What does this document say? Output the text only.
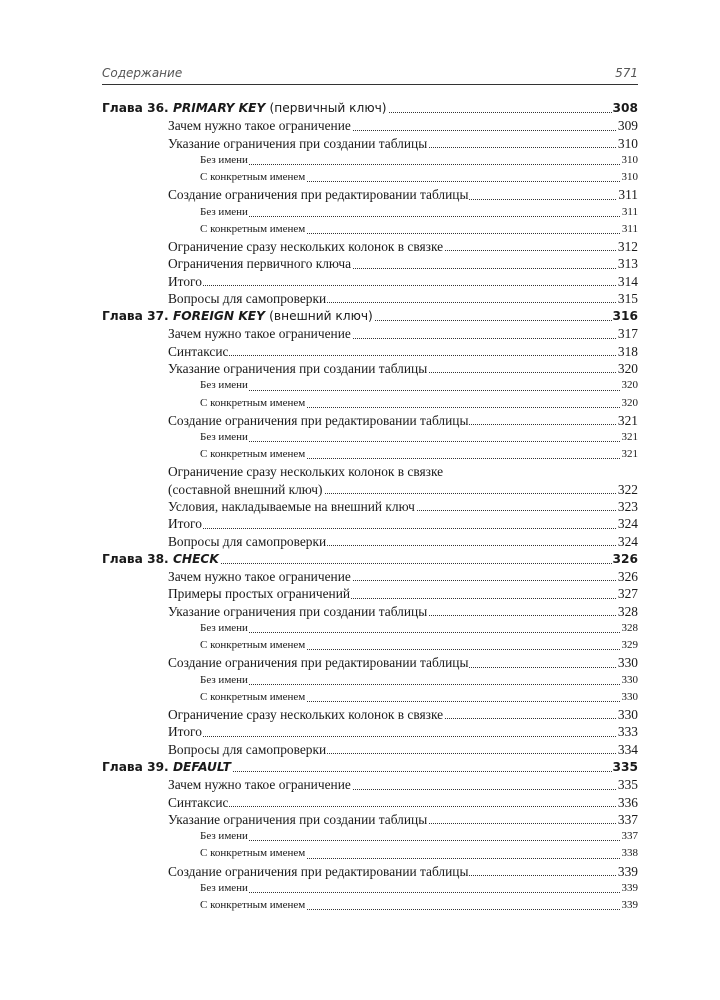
Содержание	571
Глава 36. PRIMARY KEY (первичный ключ)	308
Зачем нужно такое ограничение	309
Указание ограничения при создании таблицы	310
Без имени	310
С конкретным именем	310
Создание ограничения при редактировании таблицы	311
Без имени	311
С конкретным именем	311
Ограничение сразу нескольких колонок в связке	312
Ограничения первичного ключа	313
Итого	314
Вопросы для самопроверки	315
Глава 37. FOREIGN KEY (внешний ключ)	316
Зачем нужно такое ограничение	317
Синтаксис	318
Указание ограничения при создании таблицы	320
Без имени	320
С конкретным именем	320
Создание ограничения при редактировании таблицы	321
Без имени	321
С конкретным именем	321
Ограничение сразу нескольких колонок в связке
(составной внешний ключ)	322
Условия, накладываемые на внешний ключ	323
Итого	324
Вопросы для самопроверки	324
Глава 38. CHECK	326
Зачем нужно такое ограничение	326
Примеры простых ограничений	327
Указание ограничения при создании таблицы	328
Без имени	328
С конкретным именем	329
Создание ограничения при редактировании таблицы	330
Без имени	330
С конкретным именем	330
Ограничение сразу нескольких колонок в связке	330
Итого	333
Вопросы для самопроверки	334
Глава 39. DEFAULT	335
Зачем нужно такое ограничение	335
Синтаксис	336
Указание ограничения при создании таблицы	337
Без имени	337
С конкретным именем	338
Создание ограничения при редактировании таблицы	339
Без имени	339
С конкретным именем	339
